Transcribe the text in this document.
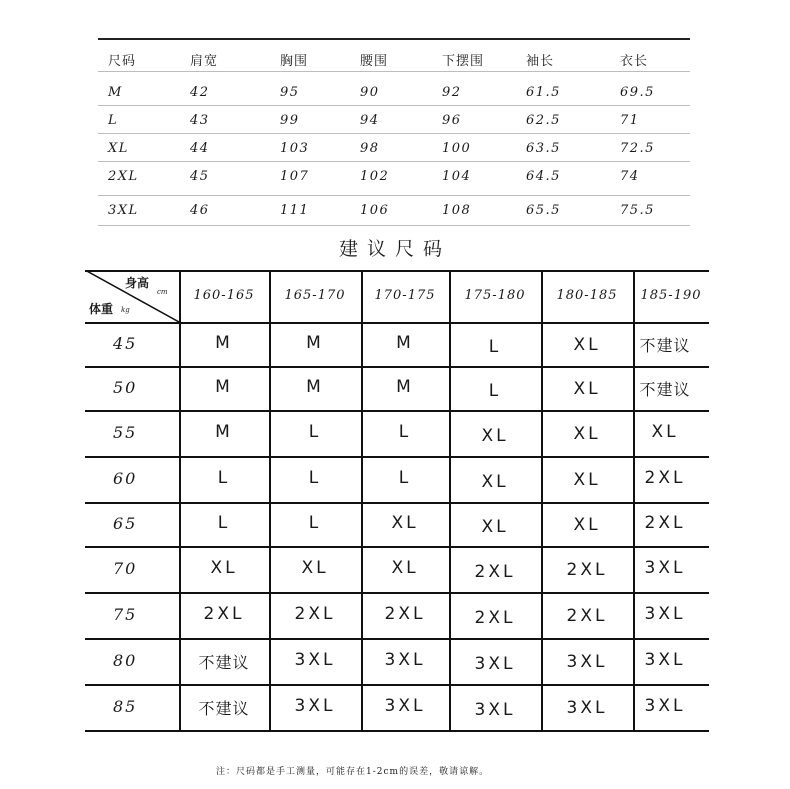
尺码	肩宽	胸围	腰围	下摆围	袖长	衣长
M	42	95	90	92	61.5	69.5
L	43	99	94	96	62.5	71
XL	44	103	98	100	63.5	72.5
2XL	45	107	102	104	64.5	74
3XL	46	111	106	108	65.5	75.5
建议尺码
身高
cm
体重 kg
160-165	165-170	170-175	175-180	180-185	185-190
45	M	M	M	L	XL	不建议
50	M	M	M	L	XL	不建议
55	M	L	L	XL	XL	XL
60	L	L	L	XL	XL	2XL
65	L	L	XL	XL	XL	2XL
70	XL	XL	XL	2XL	2XL	3XL
75	2XL	2XL	2XL	2XL	2XL	3XL
80	不建议	3XL	3XL	3XL	3XL	3XL
85	不建议	3XL	3XL	3XL	3XL	3XL
注：尺码都是手工测量，可能存在1-2cm的误差，敬请谅解。
